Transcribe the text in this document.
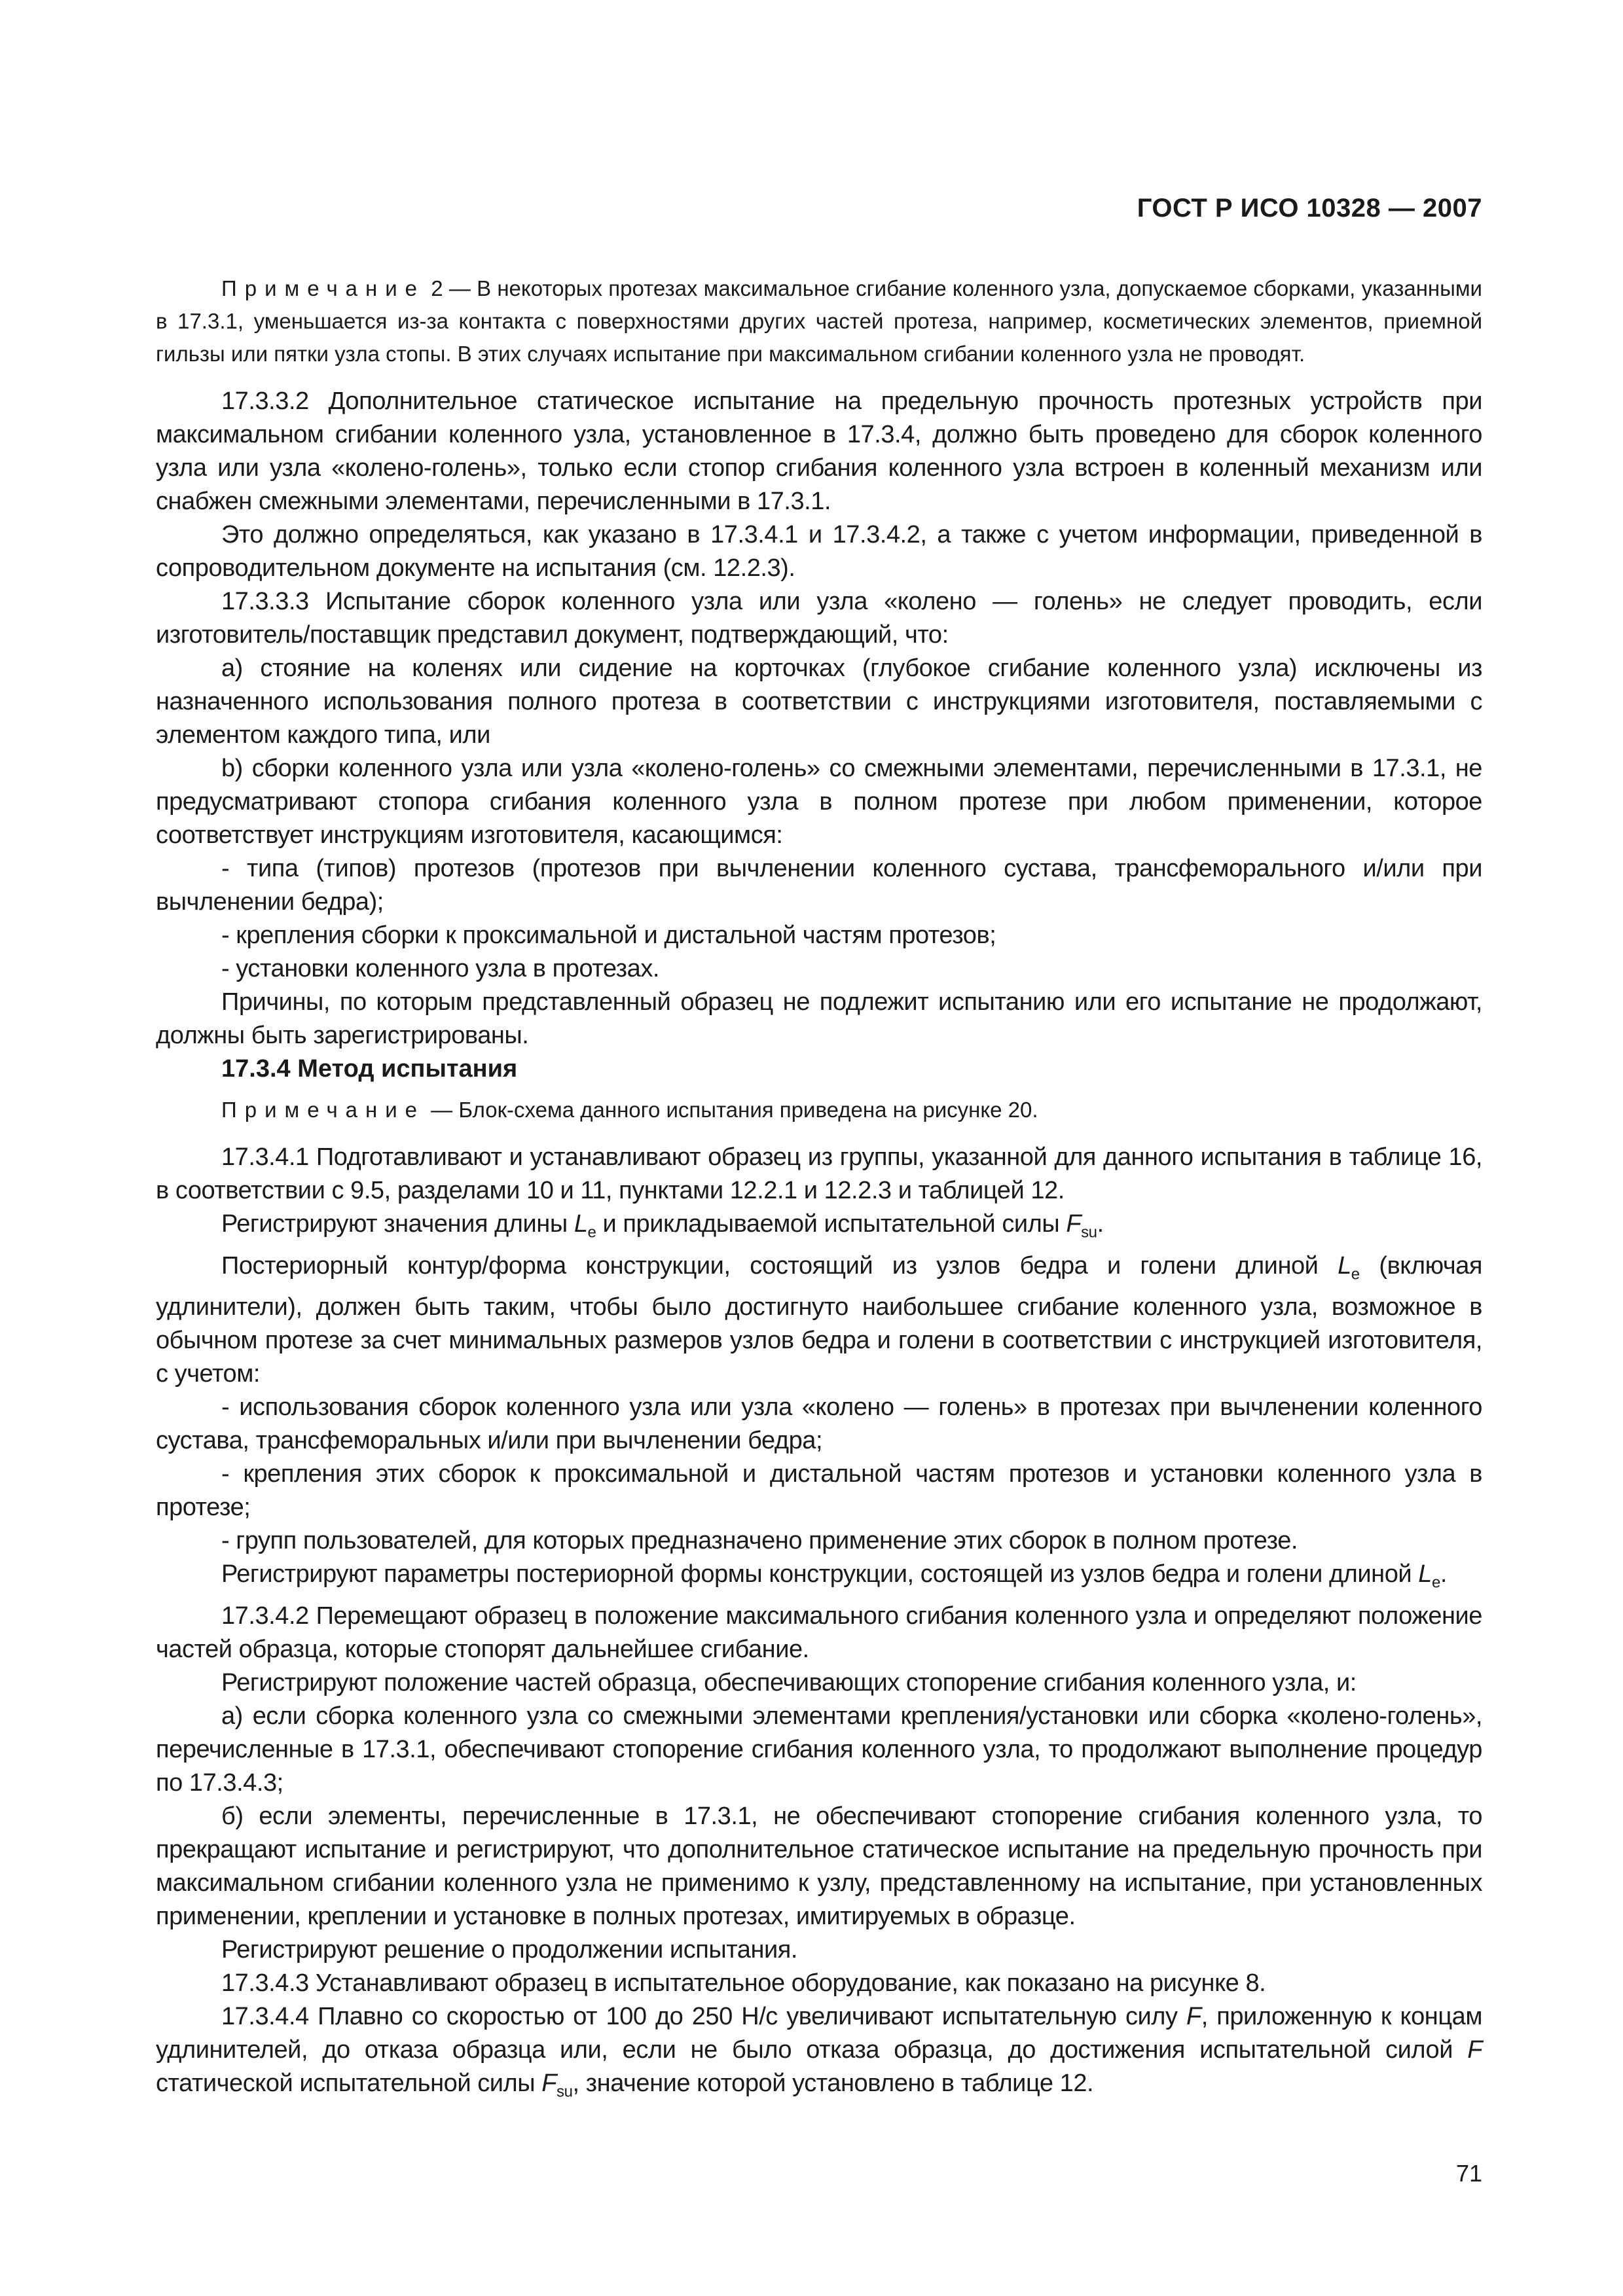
ГОСТ Р ИСО 10328 — 2007

Примечание 2 — В некоторых протезах максимальное сгибание коленного узла, допускаемое сборками, указанными в 17.3.1, уменьшается из-за контакта с поверхностями других частей протеза, например, косметических элементов, приемной гильзы или пятки узла стопы. В этих случаях испытание при максимальном сгибании коленного узла не проводят.

17.3.3.2 Дополнительное статическое испытание на предельную прочность протезных устройств при максимальном сгибании коленного узла, установленное в 17.3.4, должно быть проведено для сборок коленного узла или узла «колено-голень», только если стопор сгибания коленного узла встроен в коленный механизм или снабжен смежными элементами, перечисленными в 17.3.1.

Это должно определяться, как указано в 17.3.4.1 и 17.3.4.2, а также с учетом информации, приведенной в сопроводительном документе на испытания (см. 12.2.3).

17.3.3.3 Испытание сборок коленного узла или узла «колено — голень» не следует проводить, если изготовитель/поставщик представил документ, подтверждающий, что:

a) стояние на коленях или сидение на корточках (глубокое сгибание коленного узла) исключены из назначенного использования полного протеза в соответствии с инструкциями изготовителя, поставляемыми с элементом каждого типа, или

b) сборки коленного узла или узла «колено-голень» со смежными элементами, перечисленными в 17.3.1, не предусматривают стопора сгибания коленного узла в полном протезе при любом применении, которое соответствует инструкциям изготовителя, касающимся:

- типа (типов) протезов (протезов при вычленении коленного сустава, трансфеморального и/или при вычленении бедра);

- крепления сборки к проксимальной и дистальной частям протезов;

- установки коленного узла в протезах.

Причины, по которым представленный образец не подлежит испытанию или его испытание не продолжают, должны быть зарегистрированы.

17.3.4 Метод испытания

Примечание — Блок-схема данного испытания приведена на рисунке 20.

17.3.4.1 Подготавливают и устанавливают образец из группы, указанной для данного испытания в таблице 16, в соответствии с 9.5, разделами 10 и 11, пунктами 12.2.1 и 12.2.3 и таблицей 12.

Регистрируют значения длины $L_e$ и прикладываемой испытательной силы $F_{su}$.

Постериорный контур/форма конструкции, состоящий из узлов бедра и голени длиной $L_e$ (включая удлинители), должен быть таким, чтобы было достигнуто наибольшее сгибание коленного узла, возможное в обычном протезе за счет минимальных размеров узлов бедра и голени в соответствии с инструкцией изготовителя, с учетом:

- использования сборок коленного узла или узла «колено — голень» в протезах при вычленении коленного сустава, трансфеморальных и/или при вычленении бедра;

- крепления этих сборок к проксимальной и дистальной частям протезов и установки коленного узла в протезе;

- групп пользователей, для которых предназначено применение этих сборок в полном протезе.

Регистрируют параметры постериорной формы конструкции, состоящей из узлов бедра и голени длиной $L_e$.

17.3.4.2 Перемещают образец в положение максимального сгибания коленного узла и определяют положение частей образца, которые стопорят дальнейшее сгибание.

Регистрируют положение частей образца, обеспечивающих стопорение сгибания коленного узла, и:

а) если сборка коленного узла со смежными элементами крепления/установки или сборка «колено-голень», перечисленные в 17.3.1, обеспечивают стопорение сгибания коленного узла, то продолжают выполнение процедур по 17.3.4.3;

б) если элементы, перечисленные в 17.3.1, не обеспечивают стопорение сгибания коленного узла, то прекращают испытание и регистрируют, что дополнительное статическое испытание на предельную прочность при максимальном сгибании коленного узла не применимо к узлу, представленному на испытание, при установленных применении, креплении и установке в полных протезах, имитируемых в образце.

Регистрируют решение о продолжении испытания.

17.3.4.3 Устанавливают образец в испытательное оборудование, как показано на рисунке 8.

17.3.4.4 Плавно со скоростью от 100 до 250 Н/с увеличивают испытательную силу F, приложенную к концам удлинителей, до отказа образца или, если не было отказа образца, до достижения испытательной силой F статической испытательной силы $F_{su}$, значение которой установлено в таблице 12.

71
